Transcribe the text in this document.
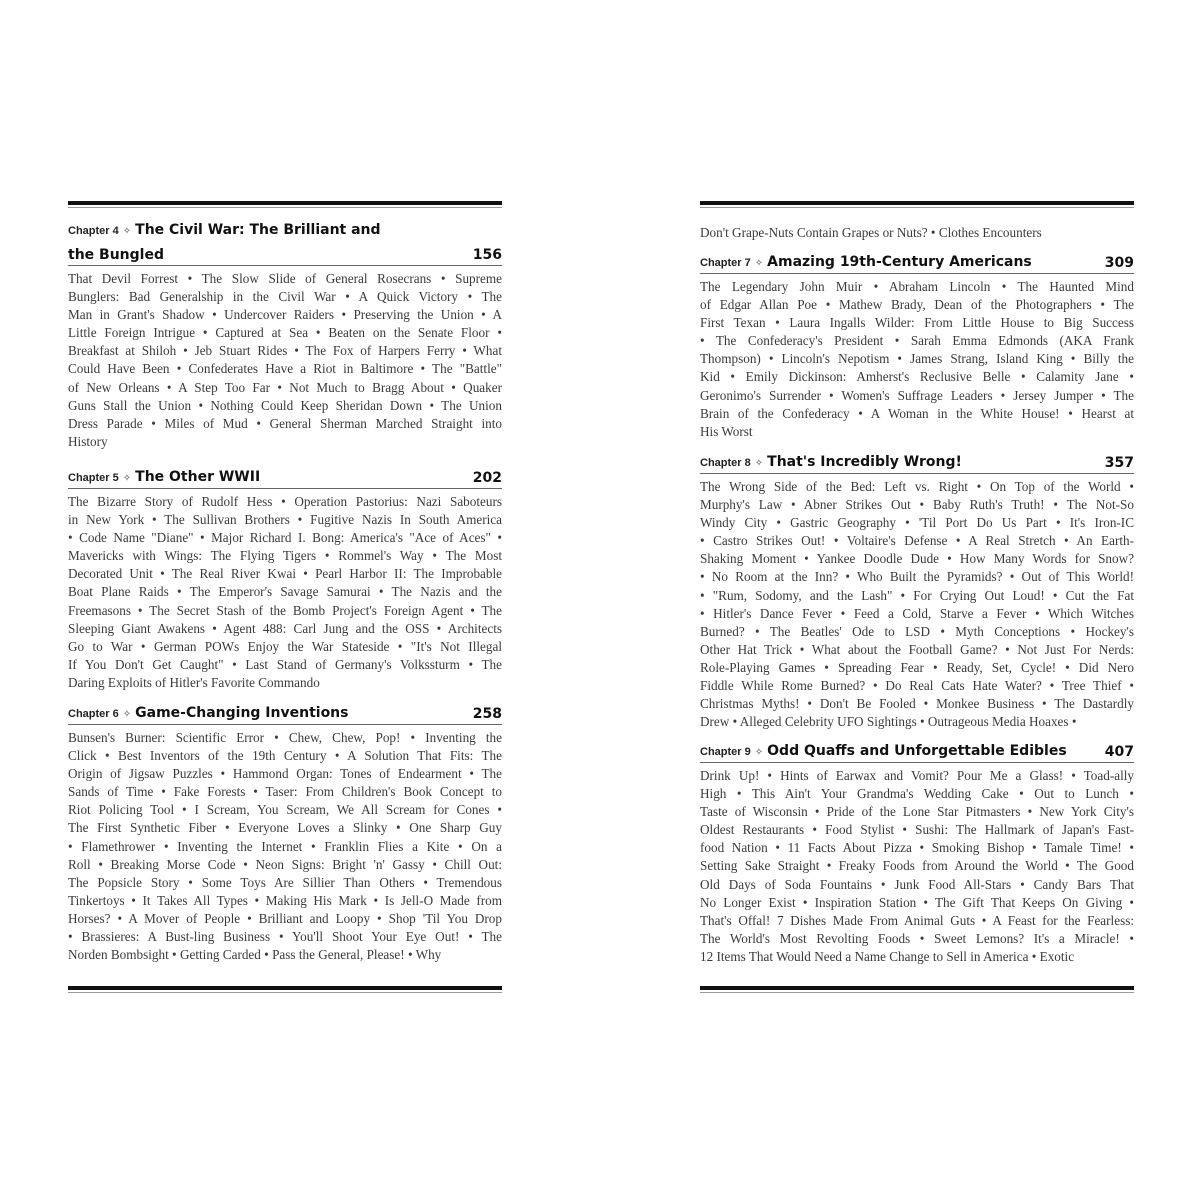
Chapter 4 ✧ The Civil War: The Brilliant and
the Bungled	156
That Devil Forrest • The Slow Slide of General Rosecrans • Supreme
Bunglers: Bad Generalship in the Civil War • A Quick Victory • The
Man in Grant's Shadow • Undercover Raiders • Preserving the Union • A
Little Foreign Intrigue • Captured at Sea • Beaten on the Senate Floor •
Breakfast at Shiloh • Jeb Stuart Rides • The Fox of Harpers Ferry • What
Could Have Been • Confederates Have a Riot in Baltimore • The "Battle"
of New Orleans • A Step Too Far • Not Much to Bragg About • Quaker
Guns Stall the Union • Nothing Could Keep Sheridan Down • The Union
Dress Parade • Miles of Mud • General Sherman Marched Straight into
History
Chapter 5 ✧ The Other WWII	202
The Bizarre Story of Rudolf Hess • Operation Pastorius: Nazi Saboteurs
in New York • The Sullivan Brothers • Fugitive Nazis In South America
• Code Name "Diane" • Major Richard I. Bong: America's "Ace of Aces" •
Mavericks with Wings: The Flying Tigers • Rommel's Way • The Most
Decorated Unit • The Real River Kwai • Pearl Harbor II: The Improbable
Boat Plane Raids • The Emperor's Savage Samurai • The Nazis and the
Freemasons • The Secret Stash of the Bomb Project's Foreign Agent • The
Sleeping Giant Awakens • Agent 488: Carl Jung and the OSS • Architects
Go to War • German POWs Enjoy the War Stateside • "It's Not Illegal
If You Don't Get Caught" • Last Stand of Germany's Volkssturm • The
Daring Exploits of Hitler's Favorite Commando
Chapter 6 ✧ Game-Changing Inventions	258
Bunsen's Burner: Scientific Error • Chew, Chew, Pop! • Inventing the
Click • Best Inventors of the 19th Century • A Solution That Fits: The
Origin of Jigsaw Puzzles • Hammond Organ: Tones of Endearment • The
Sands of Time • Fake Forests • Taser: From Children's Book Concept to
Riot Policing Tool • I Scream, You Scream, We All Scream for Cones •
The First Synthetic Fiber • Everyone Loves a Slinky • One Sharp Guy
• Flamethrower • Inventing the Internet • Franklin Flies a Kite • On a
Roll • Breaking Morse Code • Neon Signs: Bright 'n' Gassy • Chill Out:
The Popsicle Story • Some Toys Are Sillier Than Others • Tremendous
Tinkertoys • It Takes All Types • Making His Mark • Is Jell-O Made from
Horses? • A Mover of People • Brilliant and Loopy • Shop 'Til You Drop
• Brassieres: A Bust-ling Business • You'll Shoot Your Eye Out! • The
Norden Bombsight • Getting Carded • Pass the General, Please! • Why
Don't Grape-Nuts Contain Grapes or Nuts? • Clothes Encounters
Chapter 7 ✧ Amazing 19th-Century Americans	309
The Legendary John Muir • Abraham Lincoln • The Haunted Mind
of Edgar Allan Poe • Mathew Brady, Dean of the Photographers • The
First Texan • Laura Ingalls Wilder: From Little House to Big Success
• The Confederacy's President • Sarah Emma Edmonds (AKA Frank
Thompson) • Lincoln's Nepotism • James Strang, Island King • Billy the
Kid • Emily Dickinson: Amherst's Reclusive Belle • Calamity Jane •
Geronimo's Surrender • Women's Suffrage Leaders • Jersey Jumper • The
Brain of the Confederacy • A Woman in the White House! • Hearst at
His Worst
Chapter 8 ✧ That's Incredibly Wrong!	357
The Wrong Side of the Bed: Left vs. Right • On Top of the World •
Murphy's Law • Abner Strikes Out • Baby Ruth's Truth! • The Not-So
Windy City • Gastric Geography • 'Til Port Do Us Part • It's Iron-IC
• Castro Strikes Out! • Voltaire's Defense • A Real Stretch • An Earth-
Shaking Moment • Yankee Doodle Dude • How Many Words for Snow?
• No Room at the Inn? • Who Built the Pyramids? • Out of This World!
• "Rum, Sodomy, and the Lash" • For Crying Out Loud! • Cut the Fat
• Hitler's Dance Fever • Feed a Cold, Starve a Fever • Which Witches
Burned? • The Beatles' Ode to LSD • Myth Conceptions • Hockey's
Other Hat Trick • What about the Football Game? • Not Just For Nerds:
Role-Playing Games • Spreading Fear • Ready, Set, Cycle! • Did Nero
Fiddle While Rome Burned? • Do Real Cats Hate Water? • Tree Thief •
Christmas Myths! • Don't Be Fooled • Monkee Business • The Dastardly
Drew • Alleged Celebrity UFO Sightings • Outrageous Media Hoaxes •
Chapter 9 ✧ Odd Quaffs and Unforgettable Edibles	407
Drink Up! • Hints of Earwax and Vomit? Pour Me a Glass! • Toad-ally
High • This Ain't Your Grandma's Wedding Cake • Out to Lunch •
Taste of Wisconsin • Pride of the Lone Star Pitmasters • New York City's
Oldest Restaurants • Food Stylist • Sushi: The Hallmark of Japan's Fast-
food Nation • 11 Facts About Pizza • Smoking Bishop • Tamale Time! •
Setting Sake Straight • Freaky Foods from Around the World • The Good
Old Days of Soda Fountains • Junk Food All-Stars • Candy Bars That
No Longer Exist • Inspiration Station • The Gift That Keeps On Giving •
That's Offal! 7 Dishes Made From Animal Guts • A Feast for the Fearless:
The World's Most Revolting Foods • Sweet Lemons? It's a Miracle! •
12 Items That Would Need a Name Change to Sell in America • Exotic
